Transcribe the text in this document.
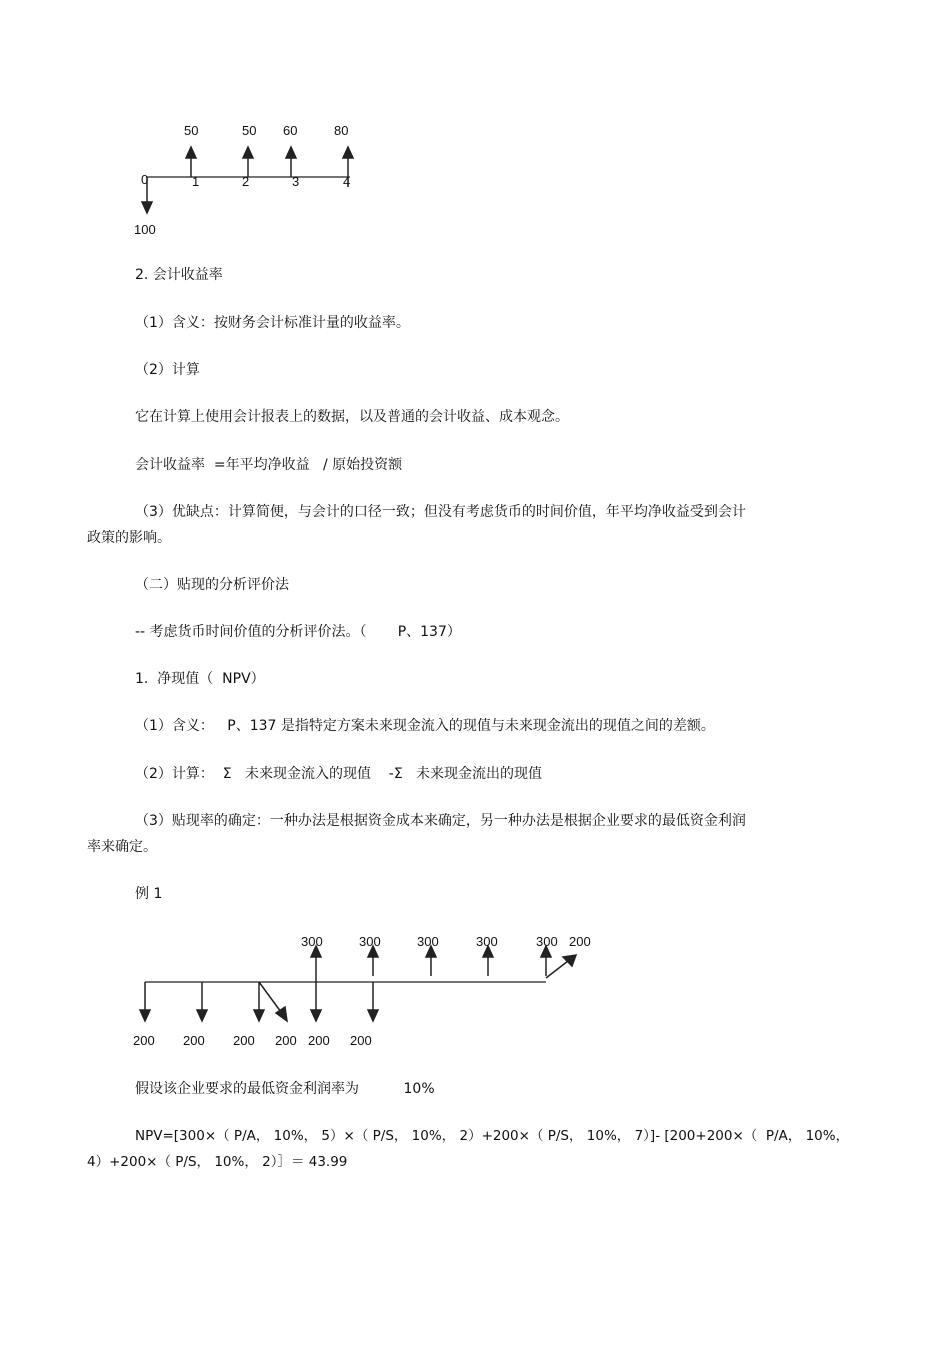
50	50 60	80
0	1	2	3	4
100
2. 会计收益率
（1）含义：按财务会计标准计量的收益率。
（2）计算
它在计算上使用会计报表上的数据，以及普通的会计收益、成本观念。
会计收益率  =年平均净收益   / 原始投资额
（3）优缺点：计算简便，与会计的口径一致；但没有考虑货币的时间价值，年平均净收益受到会计
政策的影响。
（二）贴现的分析评价法
-- 考虑货币时间价值的分析评价法。（       P、137）
1.  净现值（  NPV）
（1）含义：   P、137 是指特定方案未来现金流入的现值与未来现金流出的现值之间的差额。
（2）计算：  Σ   未来现金流入的现值    -Σ   未来现金流出的现值
（3）贴现率的确定：一种办法是根据资金成本来确定，另一种办法是根据企业要求的最低资金利润
率来确定。
例 1
300	300	300	300	300 200
200 200 200 200 200 200
假设该企业要求的最低资金利润率为          10%
NPV=[300×（ P/A， 10%， 5）×（ P/S， 10%， 2）+200×（ P/S， 10%， 7）]- [200+200×（  P/A， 10%，
4）+200×（ P/S， 10%， 2）］＝ 43.99
